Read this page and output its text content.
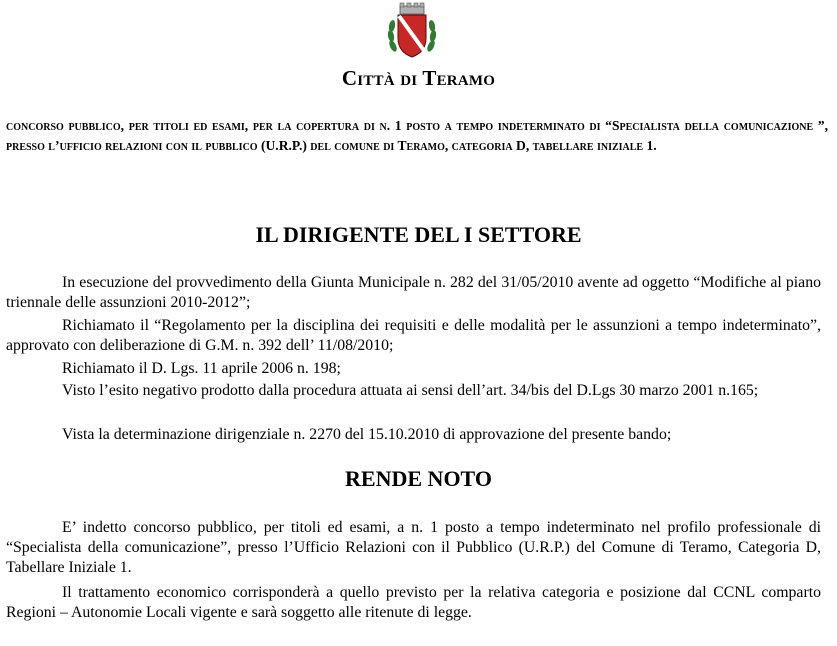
✦
✦
Città di Teramo
concorso pubblico, per titoli ed esami, per la copertura di n. 1 posto a tempo indeterminato di “Specialista della comunicazione ”, presso l’ufficio relazioni con il pubblico (U.R.P.) del comune di Teramo, categoria D, tabellare iniziale 1.
IL DIRIGENTE DEL I SETTORE
In esecuzione del provvedimento della Giunta Municipale n. 282 del 31/05/2010 avente ad oggetto “Modifiche al piano triennale delle assunzioni 2010-2012”;
Richiamato il “Regolamento per la disciplina dei requisiti e delle modalità per le assunzioni a tempo indeterminato”, approvato con deliberazione di G.M. n. 392 dell’ 11/08/2010;
Richiamato il D. Lgs. 11 aprile 2006 n. 198;
Visto l’esito negativo prodotto dalla procedura attuata ai sensi dell’art. 34/bis del D.Lgs 30 marzo 2001 n.165;
Vista la determinazione dirigenziale n. 2270 del 15.10.2010 di approvazione del presente bando;
RENDE NOTO
E’ indetto concorso pubblico, per titoli ed esami, a n. 1 posto a tempo indeterminato nel profilo professionale di “Specialista della comunicazione”, presso l’Ufficio Relazioni con il Pubblico (U.R.P.) del Comune di Teramo, Categoria D, Tabellare Iniziale 1.
Il trattamento economico corrisponderà a quello previsto per la relativa categoria e posizione dal CCNL comparto Regioni – Autonomie Locali vigente e sarà soggetto alle ritenute di legge.
